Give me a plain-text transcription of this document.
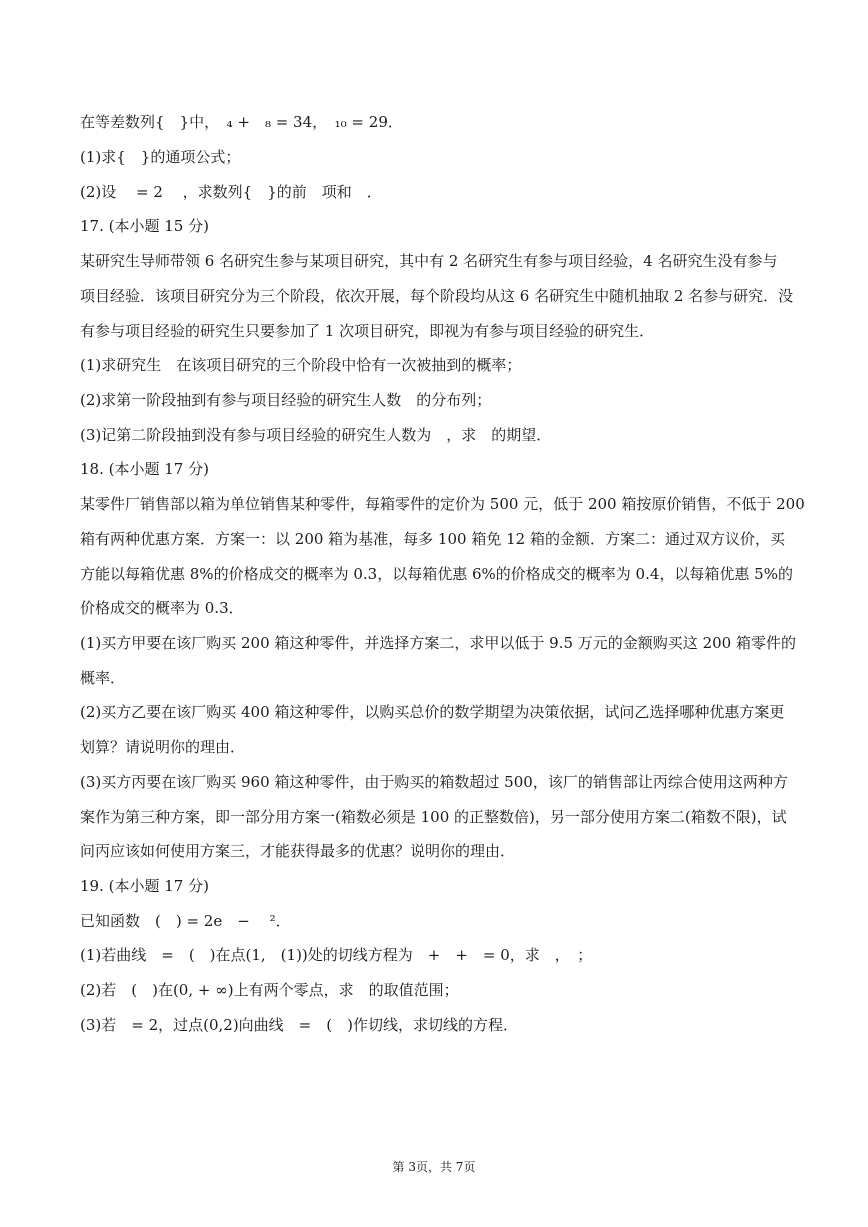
在等差数列{　}中，　₄ +　₈ = 34，　₁₀ = 29．
(1)求{　}的通项公式；
(2)设　 = 2　 ，求数列{　}的前　项和　．
17. (本小题 15 分)
某研究生导师带领 6 名研究生参与某项目研究，其中有 2 名研究生有参与项目经验，4 名研究生没有参与
项目经验．该项目研究分为三个阶段，依次开展，每个阶段均从这 6 名研究生中随机抽取 2 名参与研究．没
有参与项目经验的研究生只要参加了 1 次项目研究，即视为有参与项目经验的研究生．
(1)求研究生　在该项目研究的三个阶段中恰有一次被抽到的概率；
(2)求第一阶段抽到有参与项目经验的研究生人数　的分布列；
(3)记第二阶段抽到没有参与项目经验的研究生人数为　，求　的期望．
18. (本小题 17 分)
某零件厂销售部以箱为单位销售某种零件，每箱零件的定价为 500 元，低于 200 箱按原价销售，不低于 200
箱有两种优惠方案．方案一：以 200 箱为基准，每多 100 箱免 12 箱的金额．方案二：通过双方议价，买
方能以每箱优惠 8%的价格成交的概率为 0.3，以每箱优惠 6%的价格成交的概率为 0.4，以每箱优惠 5%的
价格成交的概率为 0.3．
(1)买方甲要在该厂购买 200 箱这种零件，并选择方案二，求甲以低于 9.5 万元的金额购买这 200 箱零件的
概率．
(2)买方乙要在该厂购买 400 箱这种零件，以购买总价的数学期望为决策依据，试问乙选择哪种优惠方案更
划算？请说明你的理由．
(3)买方丙要在该厂购买 960 箱这种零件，由于购买的箱数超过 500，该厂的销售部让丙综合使用这两种方
案作为第三种方案，即一部分用方案一(箱数必须是 100 的正整数倍)，另一部分使用方案二(箱数不限)，试
问丙应该如何使用方案三，才能获得最多的优惠？说明你的理由．
19. (本小题 17 分)
已知函数　(　) = 2e　−　 ²．
(1)若曲线　=　(　)在点(1,　(1))处的切线方程为　+　+　= 0，求　，　；
(2)若　(　)在(0, + ∞)上有两个零点，求　的取值范围；
(3)若　= 2，过点(0,2)向曲线　=　(　)作切线，求切线的方程．
第 3页，共 7页
